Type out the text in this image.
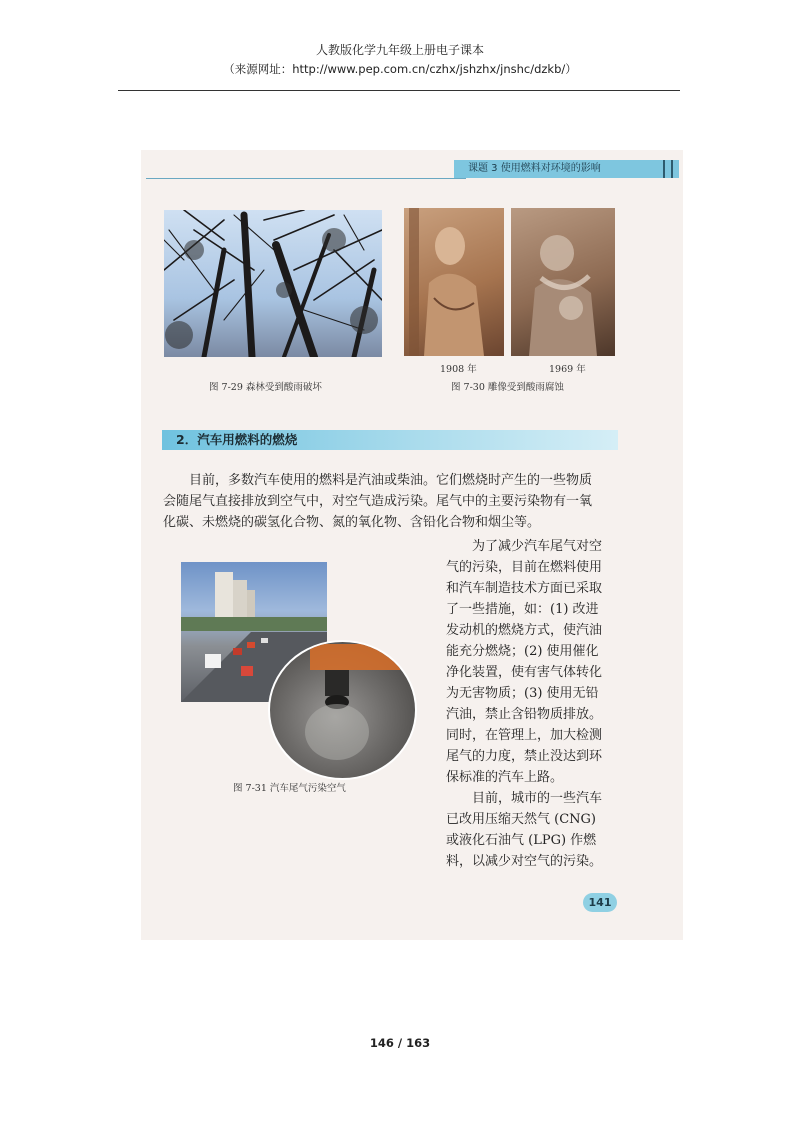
人教版化学九年级上册电子课本
（来源网址：http://www.pep.com.cn/czhx/jshzhx/jnshc/dzkb/）
课题 3 使用燃料对环境的影响
图 7-29 森林受到酸雨破坏
1908 年	1969 年
图 7-30 雕像受到酸雨腐蚀
2．汽车用燃料的燃烧
目前，多数汽车使用的燃料是汽油或柴油。它们燃烧时产生的一些物质
会随尾气直接排放到空气中，对空气造成污染。尾气中的主要污染物有一氧
化碳、未燃烧的碳氢化合物、氮的氧化物、含铅化合物和烟尘等。
图 7-31 汽车尾气污染空气
为了减少汽车尾气对空
气的污染，目前在燃料使用
和汽车制造技术方面已采取
了一些措施，如：(1) 改进
发动机的燃烧方式，使汽油
能充分燃烧；(2) 使用催化
净化装置，使有害气体转化
为无害物质；(3) 使用无铅
汽油，禁止含铅物质排放。
同时，在管理上，加大检测
尾气的力度，禁止没达到环
保标准的汽车上路。
目前，城市的一些汽车
已改用压缩天然气 (CNG)
或液化石油气 (LPG) 作燃
料，以减少对空气的污染。
141
146 / 163
